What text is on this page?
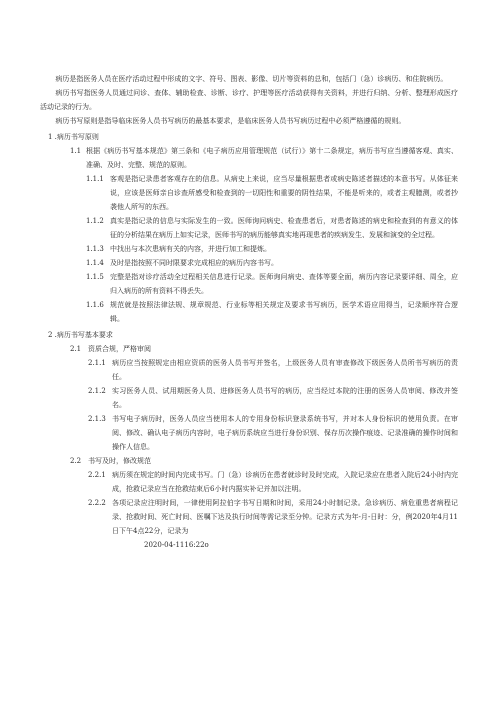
病历是指医务人员在医疗活动过程中形成的文字、符号、图表、影像、切片等资料的总和，包括门（急）诊病历、和住院病历。

病历书写指医务人员通过问诊、查体、辅助检查、诊断、诊疗、护理等医疗活动获得有关资料，并进行归纳、分析、整理形成医疗活动记录的行为。

病历书写原则是指导临床医务人员书写病历的最基本要求，是临床医务人员书写病历过程中必须严格遵循的规则。

1 .病历书写原则

1.1 根据《病历书写基本规范》第三条和《电子病历应用管理规范（试行）》第十二条规定，病历书写应当遵循客观、真实、准确、及时、完整、规范的原则。
1.1.1 客观是指记录患者客观存在的信息。从病史上来说，应当尽量根据患者或病史陈述者描述的本意书写。从体征来说，应该是医师亲自诊查所感受和检查到的一切阳性和重要的阴性结果，不能是听来的，或者主观臆测，或者抄袭他人所写的东西。
1.1.2 真实是指记录的信息与实际发生的一致。医师询问病史、检查患者后，对患者陈述的病史和检查到的有意义的体征的分析结果在病历上如实记录，医师书写的病历能够真实地再现患者的疾病发生、发展和演变的全过程。
1.1.3 中找出与本次患病有关的内容，并进行加工和提炼。
1.1.4 及时是指按照不同时限要求完成相应的病历内容书写。
1.1.5 完整是指对诊疗活动全过程相关信息进行记录。医师询问病史、查体等要全面，病历内容记录要详细、周全，应归入病历的所有资料不得丢失。
1.1.6 规范就是按照法律法规、规章规范、行业标等相关规定及要求书写病历，医学术语应用得当，记录顺序符合逻辑。

2 .病历书写基本要求

2.1 资质合规，严格审阅

2.1.1 病历应当按照规定由相应资质的医务人员书写并签名，上级医务人员有审查修改下级医务人员所书写病历的责任。
2.1.2 实习医务人员、试用期医务人员、进修医务人员书写的病历，应当经过本院的注册的医务人员审阅、修改并签名。
2.1.3 书写电子病历时，医务人员应当使用本人的专用身份标识登录系统书写，并对本人身份标识的使用负责。在审阅、修改、确认电子病历内容时，电子病历系统应当进行身份识别、保存历次操作痕迹、记录准确的操作时间和操作人信息。

2.2 书写及时，修改规范

2.2.1 病历须在规定的时间内完成书写。门（急）诊病历在患者就诊时及时完成，入院记录应在患者入院后24小时内完成，抢救记录应当在抢救结束后6小时内据实补记并加以注明。
2.2.2 各项记录应注明时间，一律使用阿拉伯字书写日期和时间，采用24小时制记录。急诊病历、病危重患者病程记录、抢救时间、死亡时间、医嘱下达及执行时间等需记录至分钟。记录方式为年-月-日时：分，例2020年4月11日下午4点22分，记录为

2020-04-1116:22o
